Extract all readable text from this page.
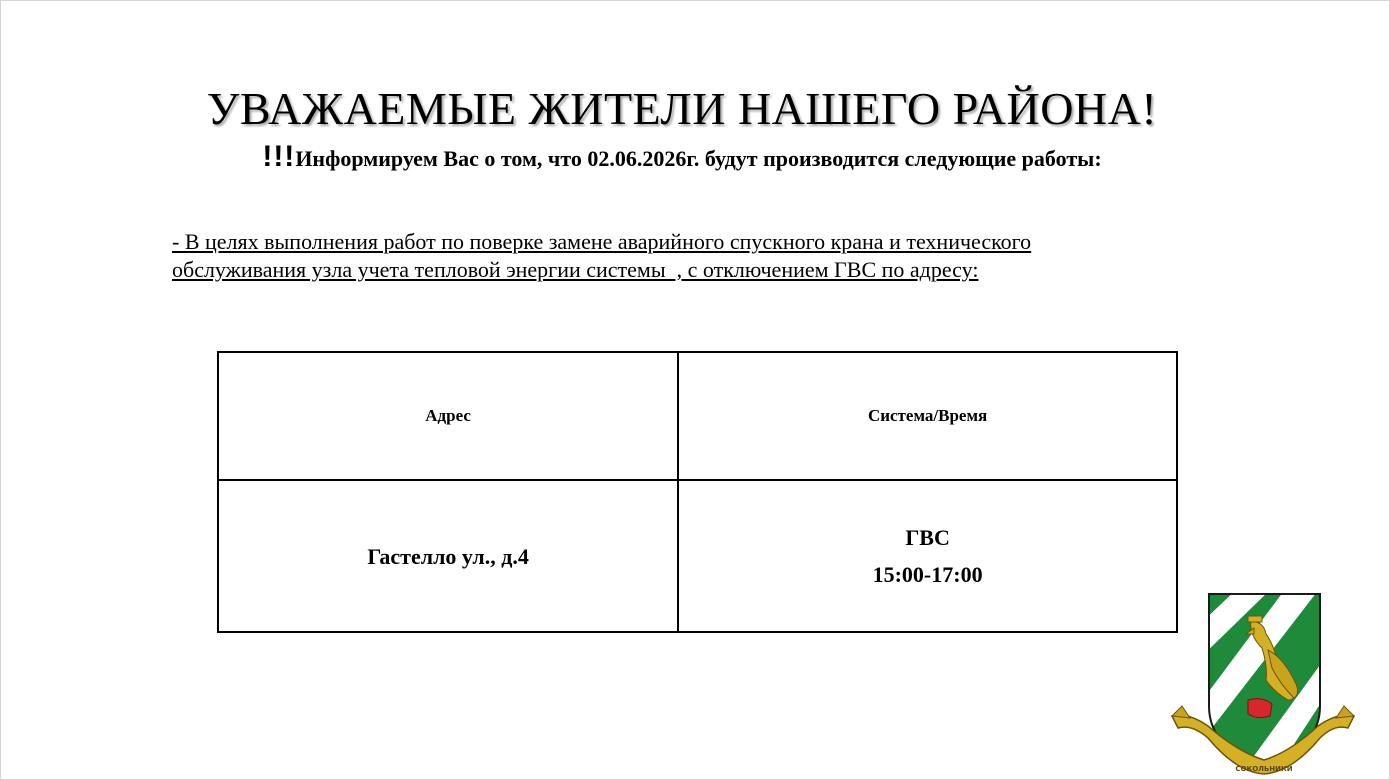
УВАЖАЕМЫЕ ЖИТЕЛИ НАШЕГО РАЙОНА!
!!!Информируем Вас о том, что 02.06.2026г. будут производится следующие работы:
- В целях выполнения работ по поверке замене аварийного спускного крана и технического
обслуживания узла учета тепловой энергии системы  , с отключением ГВС по адресу:
Адрес	Система/Время
Гастелло ул., д.4	ГВС
15:00-17:00
СОКОЛЬНИКИ
